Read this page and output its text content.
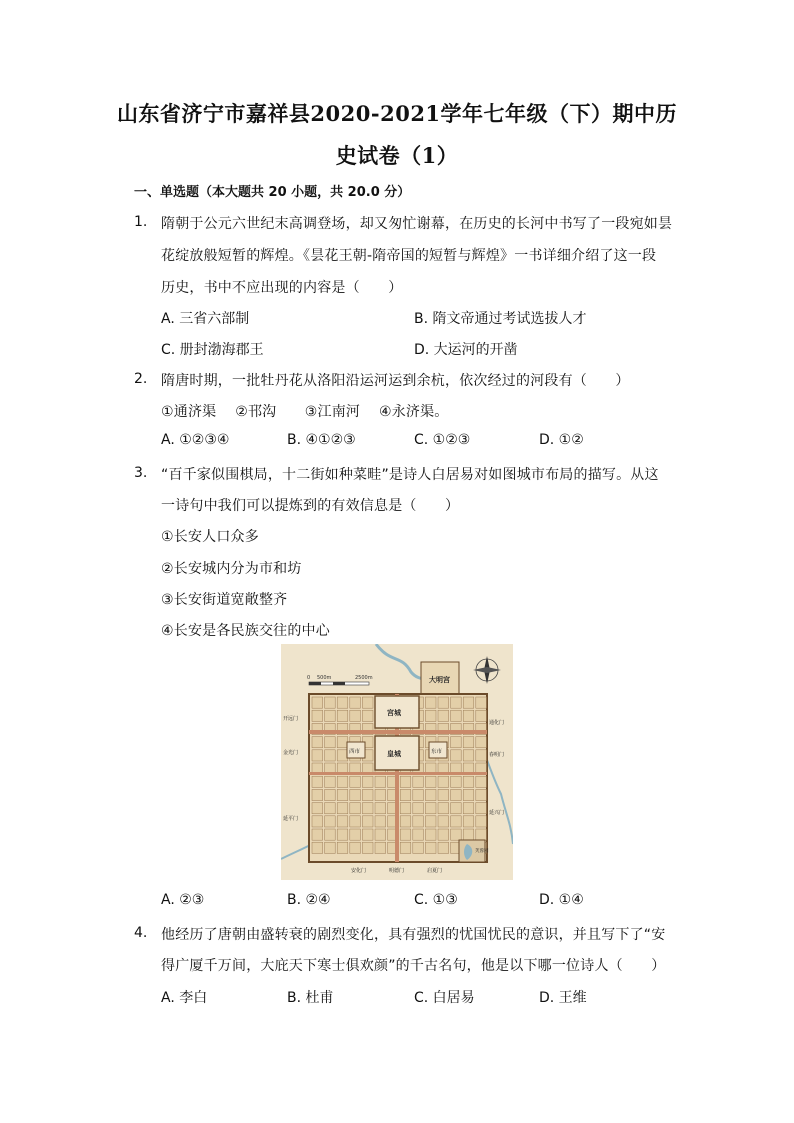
山东省济宁市嘉祥县2020-2021学年七年级（下）期中历
史试卷（1）
一、单选题（本大题共 20 小题，共 20.0 分）
1. 隋朝于公元六世纪末高调登场，却又匆忙谢幕，在历史的长河中书写了一段宛如昙
花绽放般短暂的辉煌。《昙花王朝-隋帝国的短暂与辉煌》一书详细介绍了这一段
历史，书中不应出现的内容是（　　）
A. 三省六部制	B. 隋文帝通过考试选拔人才
C. 册封渤海郡王	D. 大运河的开凿
2. 隋唐时期，一批牡丹花从洛阳沿运河运到余杭，依次经过的河段有（　　）
①通济渠　 ②邗沟　　③江南河　 ④永济渠。
A. ①②③④	B. ④①②③	C. ①②③	D. ①②
3. “百千家似围棋局，十二街如种菜畦”是诗人白居易对如图城市布局的描写。从这
一诗句中我们可以提炼到的有效信息是（　　）
①长安人口众多
②长安城内分为市和坊
③长安街道宽敞整齐
④长安是各民族交往的中心
0 500m	2500m	大明宫
宫城
皇城
西市	东市
开远门
金光门
延平门
通化门
春明门
延兴门
安化门	明德门	启夏门
芙蓉园
A. ②③	B. ②④	C. ①③	D. ①④
4. 他经历了唐朝由盛转衰的剧烈变化，具有强烈的忧国忧民的意识，并且写下了“安
得广厦千万间，大庇天下寒士俱欢颜”的千古名句，他是以下哪一位诗人（　　）
A. 李白	B. 杜甫	C. 白居易	D. 王维
